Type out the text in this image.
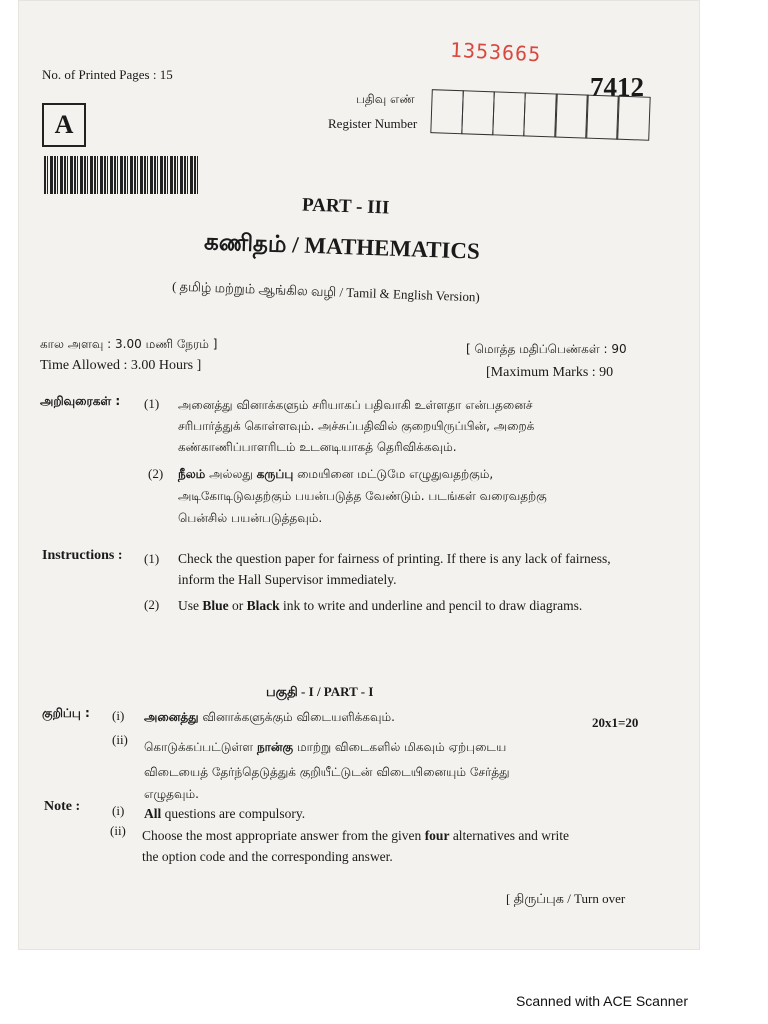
No. of Printed Pages : 15
1353665
7412
பதிவு எண்
Register Number
A
PART - III
கணிதம் / MATHEMATICS
( தமிழ் மற்றும் ஆங்கில வழி / Tamil & English Version)
கால அளவு : 3.00 மணி நேரம் ]
Time Allowed : 3.00 Hours ]
[ மொத்த மதிப்பெண்கள் : 90
[Maximum Marks : 90
அறிவுரைகள் : (1) அனைத்து வினாக்களும் சரியாகப் பதிவாகி உள்ளதா என்பதனைச்
சரிபார்த்துக் கொள்ளவும். அச்சுப்பதிவில் குறையிருப்பின், அறைக்
கண்காணிப்பாளரிடம் உடனடியாகத் தெரிவிக்கவும்.
(2) நீலம் அல்லது கருப்பு மையினை மட்டுமே எழுதுவதற்கும்,
அடிகோடிடுவதற்கும் பயன்படுத்த வேண்டும். படங்கள் வரைவதற்கு
பென்சில் பயன்படுத்தவும்.
Instructions : (1) Check the question paper for fairness of printing. If there is any lack of fairness,
inform the Hall Supervisor immediately.
(2) Use Blue or Black ink to write and underline and pencil to draw diagrams.
பகுதி - I / PART - I
20x1=20
குறிப்பு : (i) அனைத்து வினாக்களுக்கும் விடையளிக்கவும்.
(ii) கொடுக்கப்பட்டுள்ள நான்கு மாற்று விடைகளில் மிகவும் ஏற்புடைய
விடையைத் தேர்ந்தெடுத்துக் குறியீட்டுடன் விடையினையும் சேர்த்து
எழுதவும்.
Note : (i) All questions are compulsory.
(ii) Choose the most appropriate answer from the given four alternatives and write
the option code and the corresponding answer.
[ திருப்புக / Turn over
Scanned with ACE Scanner
